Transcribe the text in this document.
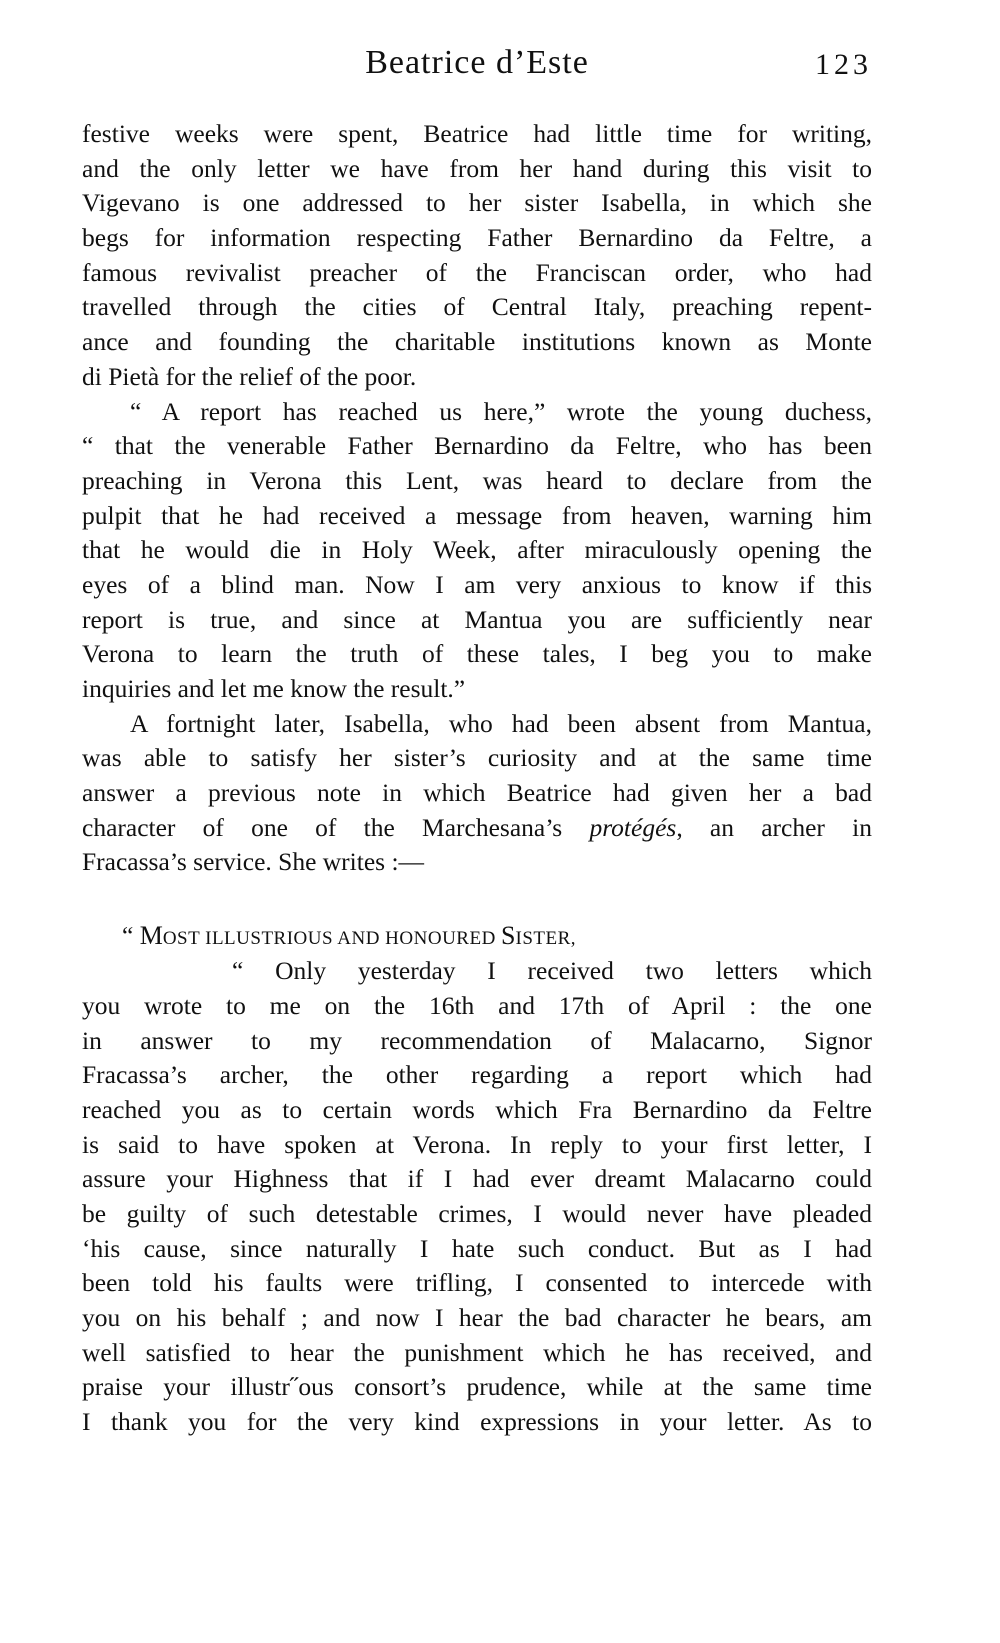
Beatrice d’Este	123
festive weeks were spent, Beatrice had little time for writing,
and the only letter we have from her hand during this visit to
Vigevano is one addressed to her sister Isabella, in which she
begs for information respecting Father Bernardino da Feltre, a
famous revivalist preacher of the Franciscan order, who had
travelled through the cities of Central Italy, preaching repent-
ance and founding the charitable institutions known as Monte
di Pietà for the relief of the poor.
“ A report has reached us here,” wrote the young duchess,
“ that the venerable Father Bernardino da Feltre, who has been
preaching in Verona this Lent, was heard to declare from the
pulpit that he had received a message from heaven, warning him
that he would die in Holy Week, after miraculously opening the
eyes of a blind man. Now I am very anxious to know if this
report is true, and since at Mantua you are sufficiently near
Verona to learn the truth of these tales, I beg you to make
inquiries and let me know the result.”
A fortnight later, Isabella, who had been absent from Mantua,
was able to satisfy her sister’s curiosity and at the same time
answer a previous note in which Beatrice had given her a bad
character of one of the Marchesana’s protégés, an archer in
Fracassa’s service. She writes :—
“ MOST ILLUSTRIOUS AND HONOURED SISTER,
“ Only yesterday I received two letters which
you wrote to me on the 16th and 17th of April : the one
in answer to my recommendation of Malacarno, Signor
Fracassa’s archer, the other regarding a report which had
reached you as to certain words which Fra Bernardino da Feltre
is said to have spoken at Verona. In reply to your first letter, I
assure your Highness that if I had ever dreamt Malacarno could
be guilty of such detestable crimes, I would never have pleaded
‘his cause, since naturally I hate such conduct. But as I had
been told his faults were trifling, I consented to intercede with
you on his behalf ; and now I hear the bad character he bears, am
well satisfied to hear the punishment which he has received, and
praise your illustr˝ous consort’s prudence, while at the same time
I thank you for the very kind expressions in your letter. As to
